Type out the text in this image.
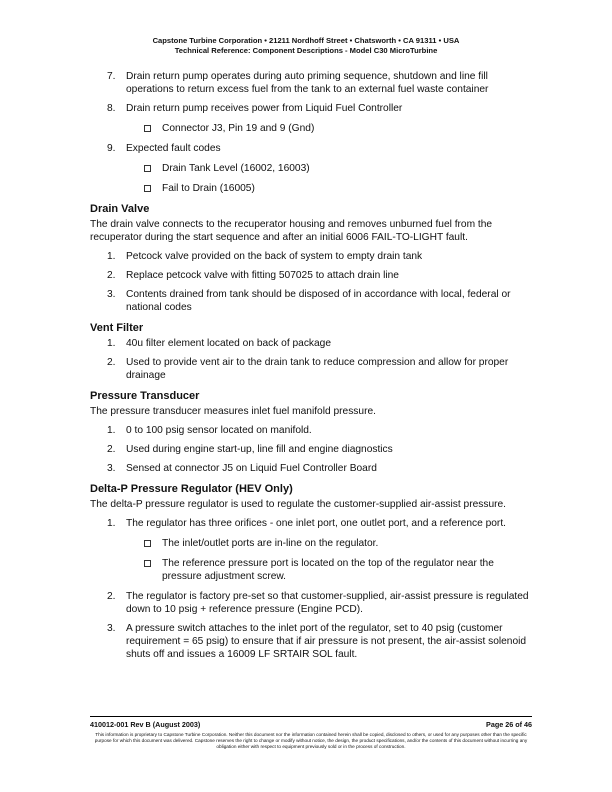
Capstone Turbine Corporation • 21211 Nordhoff Street • Chatsworth • CA 91311 • USA
Technical Reference: Component Descriptions - Model C30 MicroTurbine
7. Drain return pump operates during auto priming sequence, shutdown and line fill operations to return excess fuel from the tank to an external fuel waste container
8. Drain return pump receives power from Liquid Fuel Controller
Connector J3, Pin 19 and 9 (Gnd)
9. Expected fault codes
Drain Tank Level (16002, 16003)
Fail to Drain (16005)
Drain Valve

The drain valve connects to the recuperator housing and removes unburned fuel from the recuperator during the start sequence and after an initial 6006 FAIL-TO-LIGHT fault.

1. Petcock valve provided on the back of system to empty drain tank
2. Replace petcock valve with fitting 507025 to attach drain line
3. Contents drained from tank should be disposed of in accordance with local, federal or national codes
Vent Filter
1. 40u filter element located on back of package
2. Used to provide vent air to the drain tank to reduce compression and allow for proper drainage
Pressure Transducer

The pressure transducer measures inlet fuel manifold pressure.

1. 0 to 100 psig sensor located on manifold.
2. Used during engine start-up, line fill and engine diagnostics
3. Sensed at connector J5 on Liquid Fuel Controller Board
Delta-P Pressure Regulator (HEV Only)

The delta-P pressure regulator is used to regulate the customer-supplied air-assist pressure.

1. The regulator has three orifices - one inlet port, one outlet port, and a reference port.
The inlet/outlet ports are in-line on the regulator.
The reference pressure port is located on the top of the regulator near the pressure adjustment screw.
2. The regulator is factory pre-set so that customer-supplied, air-assist pressure is regulated down to 10 psig + reference pressure (Engine PCD).
3. A pressure switch attaches to the inlet port of the regulator, set to 40 psig (customer requirement = 65 psig) to ensure that if air pressure is not present, the air-assist solenoid shuts off and issues a 16009 LF SRTAIR SOL fault.
410012-001 Rev B (August 2003)	Page 26 of 46
This information is proprietary to Capstone Turbine Corporation. Neither this document nor the information contained herein shall be copied, disclosed to others, or used for any purposes other than the specific purpose for which this document was delivered. Capstone reserves the right to change or modify without notice, the design, the product specifications, and/or the contents of this document without incurring any obligation either with respect to equipment previously sold or in the process of construction.
